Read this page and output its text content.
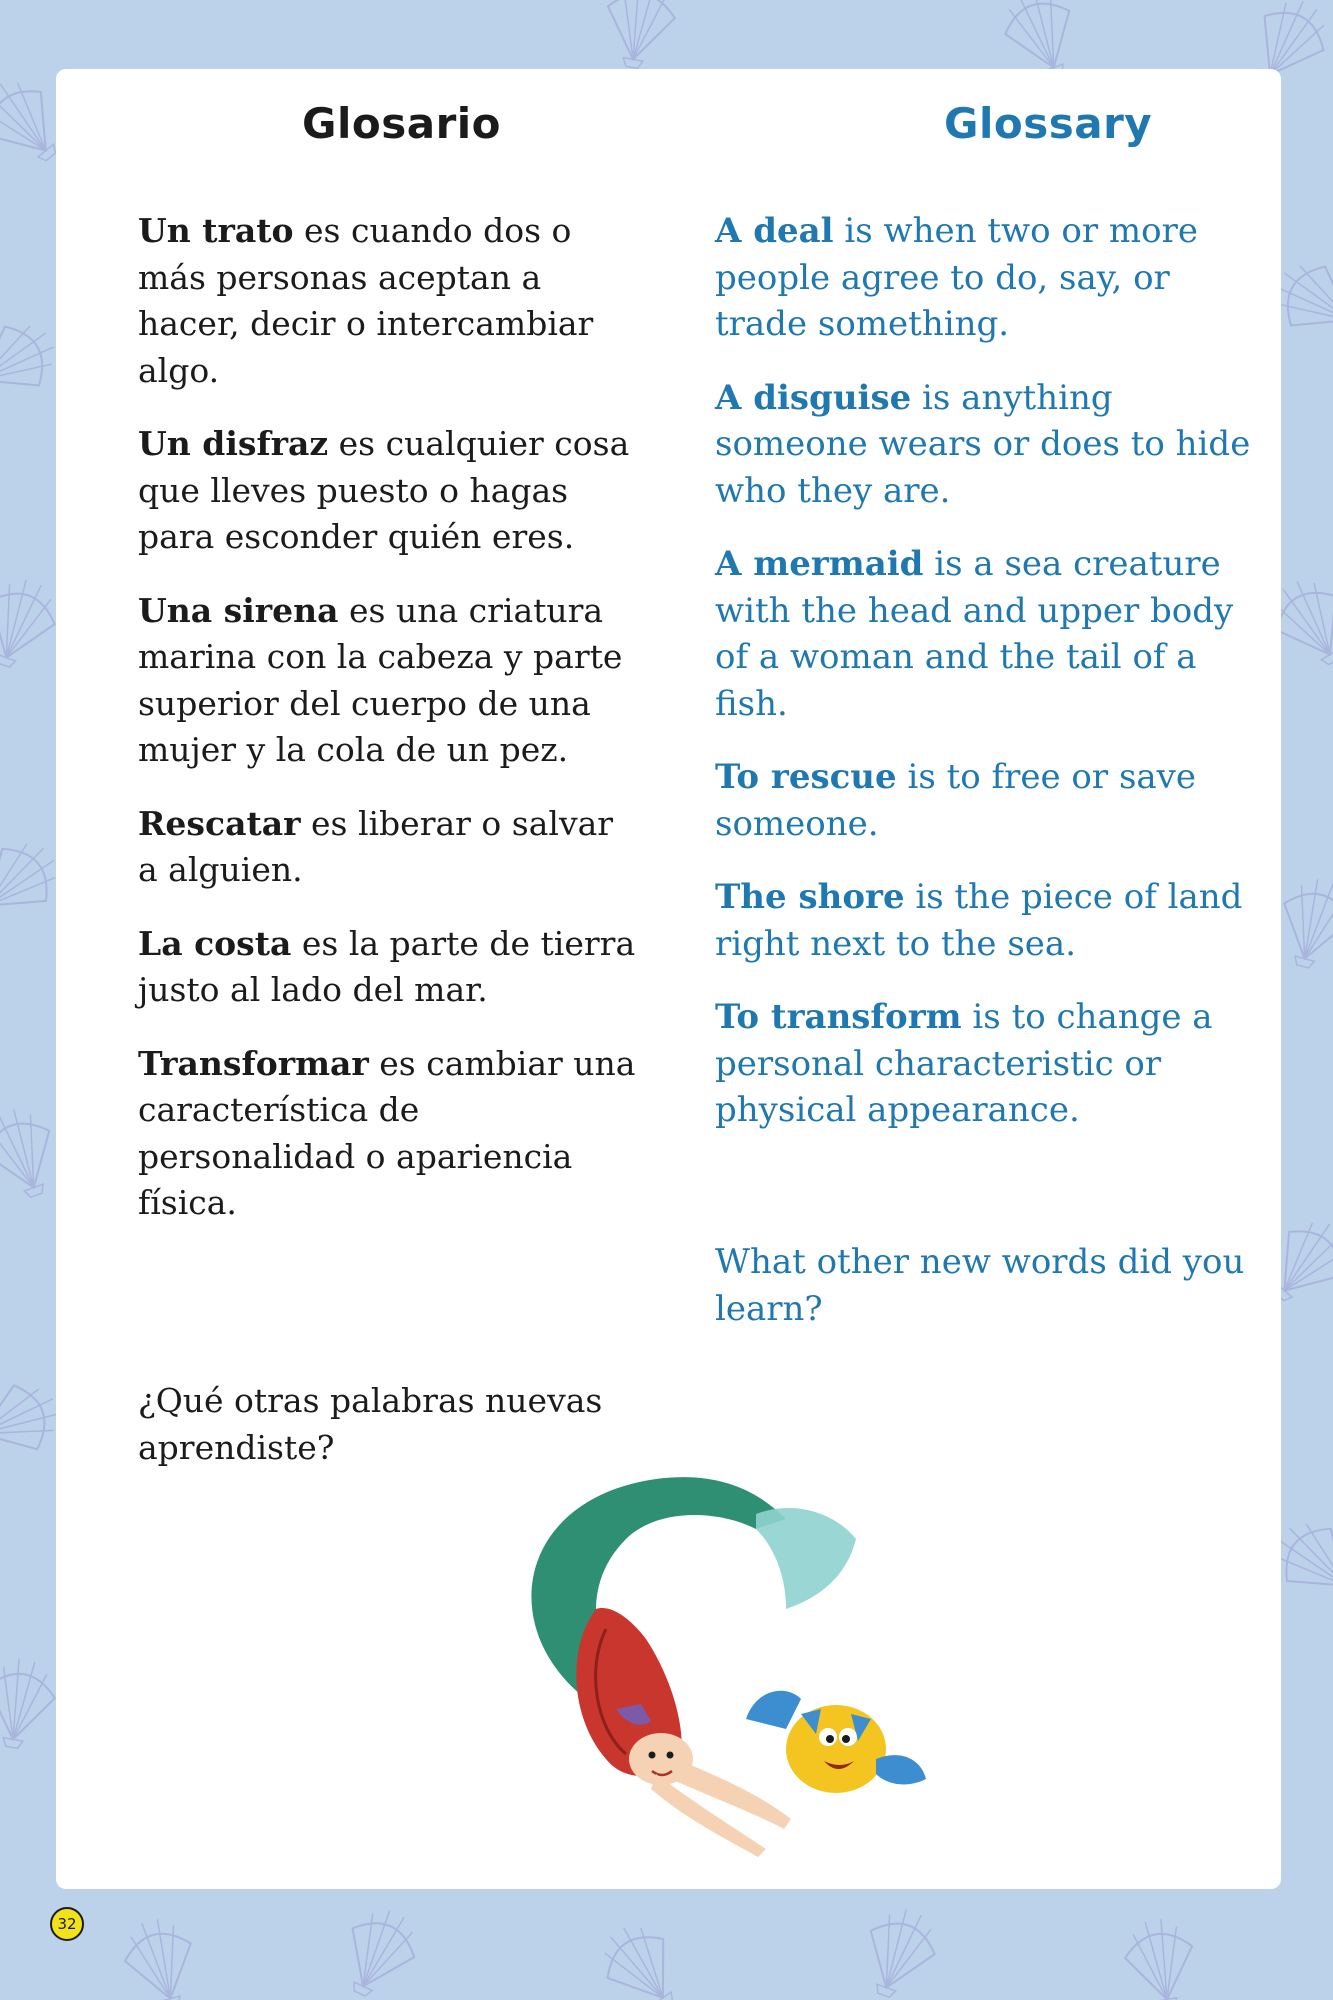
Glosario

Un trato es cuando dos o más personas aceptan a hacer, decir o intercambiar algo.

Un disfraz es cualquier cosa que lleves puesto o hagas para esconder quién eres.

Una sirena es una criatura marina con la cabeza y parte superior del cuerpo de una mujer y la cola de un pez.

Rescatar es liberar o salvar a alguien.

La costa es la parte de tierra justo al lado del mar.

Transformar es cambiar una característica de personalidad o apariencia física.

¿Qué otras palabras nuevas aprendiste?

Glossary

A deal is when two or more people agree to do, say, or trade something.

A disguise is anything someone wears or does to hide who they are.

A mermaid is a sea creature with the head and upper body of a woman and the tail of a fish.

To rescue is to free or save someone.

The shore is the piece of land right next to the sea.

To transform is to change a personal characteristic or physical appearance.

What other new words did you learn?

32
